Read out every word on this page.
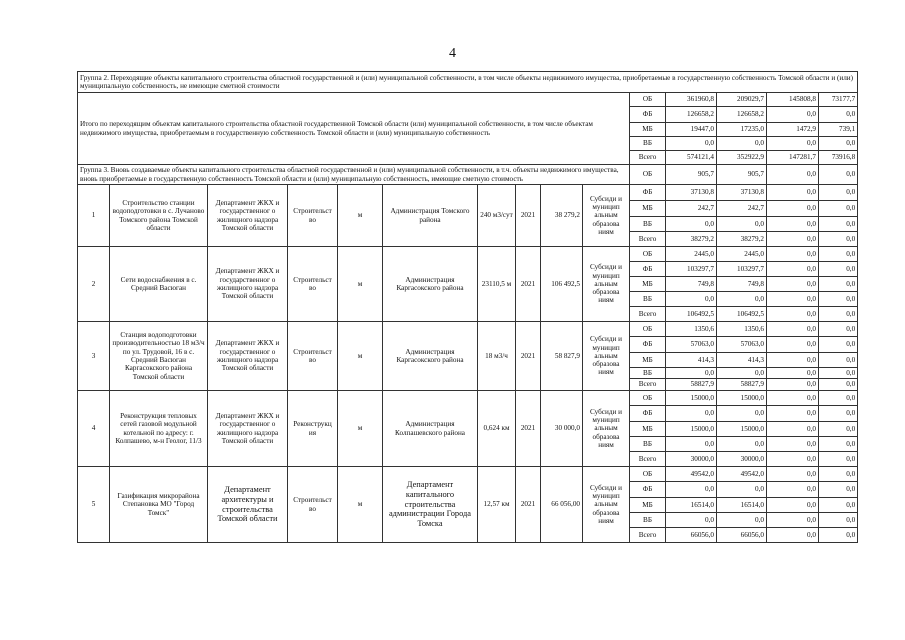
4
Группа 2. Переходящие объекты капитального строительства областной государственной и (или) муниципальной собственности, в том числе объекты недвижимого имущества, приобретаемые в государственную собственность Томской области и (или) муниципальную собственность, не имеющие сметной стоимости														
Итого по переходящим объектам капитального строительства областной государственной Томской области (или) муниципальной собственности, в том числе объектам недвижимого имущества, приобретаемым в государственную собственность Томской области и (или) муниципальную собственность										ОБ	361960,8	209029,7	145808,8	73177,7
										ФБ	126658,2	126658,2	0,0	0,0
										МБ	19447,0	17235,0	1472,9	739,1
										ВБ	0,0	0,0	0,0	0,0
										Всего	574121,4	352922,9	147281,7	73916,8
Группа 3. Вновь создаваемые объекты капитального строительства областной государственной и (или) муниципальной собственности, в т.ч. объекты недвижимого имущества, вновь приобретаемые в государственную собственность Томской области и (или) муниципальную собственность, имеющие сметную стоимость										ОБ	905,7	905,7	0,0	0,0
1	Строительство станции водоподготовки в с. Лучаново Томского района Томской области	Департамент ЖКХ и государственног о жилищного надзора Томской области	Строительст во	м	Администрация Томского района	240 м3/сут	2021	38 279,2	Субсиди и муницип альным образова ниям	ФБ	37130,8	37130,8	0,0	0,0
										МБ	242,7	242,7	0,0	0,0
										ВБ	0,0	0,0	0,0	0,0
										Всего	38279,2	38279,2	0,0	0,0
2	Сети водоснабжения в с. Средний Васюган	Департамент ЖКХ и государственног о жилищного надзора Томской области	Строительст во	м	Администрация Каргасокского района	23110,5 м	2021	106 492,5	Субсиди и муницип альным образова ниям	ОБ	2445,0	2445,0	0,0	0,0
										ФБ	103297,7	103297,7	0,0	0,0
										МБ	749,8	749,8	0,0	0,0
										ВБ	0,0	0,0	0,0	0,0
										Всего	106492,5	106492,5	0,0	0,0
3	Станция водоподготовки производительностью 18 м3/ч по ул. Трудовой, 16 в с. Средний Васюган Каргасокского района Томской области	Департамент ЖКХ и государственног о жилищного надзора Томской области	Строительст во	м	Администрация Каргасокского района	18 м3/ч	2021	58 827,9	Субсиди и муницип альным образова ниям	ОБ	1350,6	1350,6	0,0	0,0
										ФБ	57063,0	57063,0	0,0	0,0
										МБ	414,3	414,3	0,0	0,0
										ВБ	0,0	0,0	0,0	0,0
										Всего	58827,9	58827,9	0,0	0,0
4	Реконструкция тепловых сетей газовой модульной котельной по адресу: г. Колпашево, м-н Геолог, 11/3	Департамент ЖКХ и государственног о жилищного надзора Томской области	Реконструкц ия	м	Администрация Колпашевского района	0,624 км	2021	30 000,0	Субсиди и муницип альным образова ниям	ОБ	15000,0	15000,0	0,0	0,0
										ФБ	0,0	0,0	0,0	0,0
										МБ	15000,0	15000,0	0,0	0,0
										ВБ	0,0	0,0	0,0	0,0
										Всего	30000,0	30000,0	0,0	0,0
5	Газификация микрорайона Степановка МО "Город Томск"	Департамент архитектуры и строительства Томской области	Строительст во	м	Департамент капитального строительства администрации Города Томска	12,57 км	2021	66 056,00	Субсиди и муницип альным образова ниям	ОБ	49542,0	49542,0	0,0	0,0
										ФБ	0,0	0,0	0,0	0,0
										МБ	16514,0	16514,0	0,0	0,0
										ВБ	0,0	0,0	0,0	0,0
										Всего	66056,0	66056,0	0,0	0,0
